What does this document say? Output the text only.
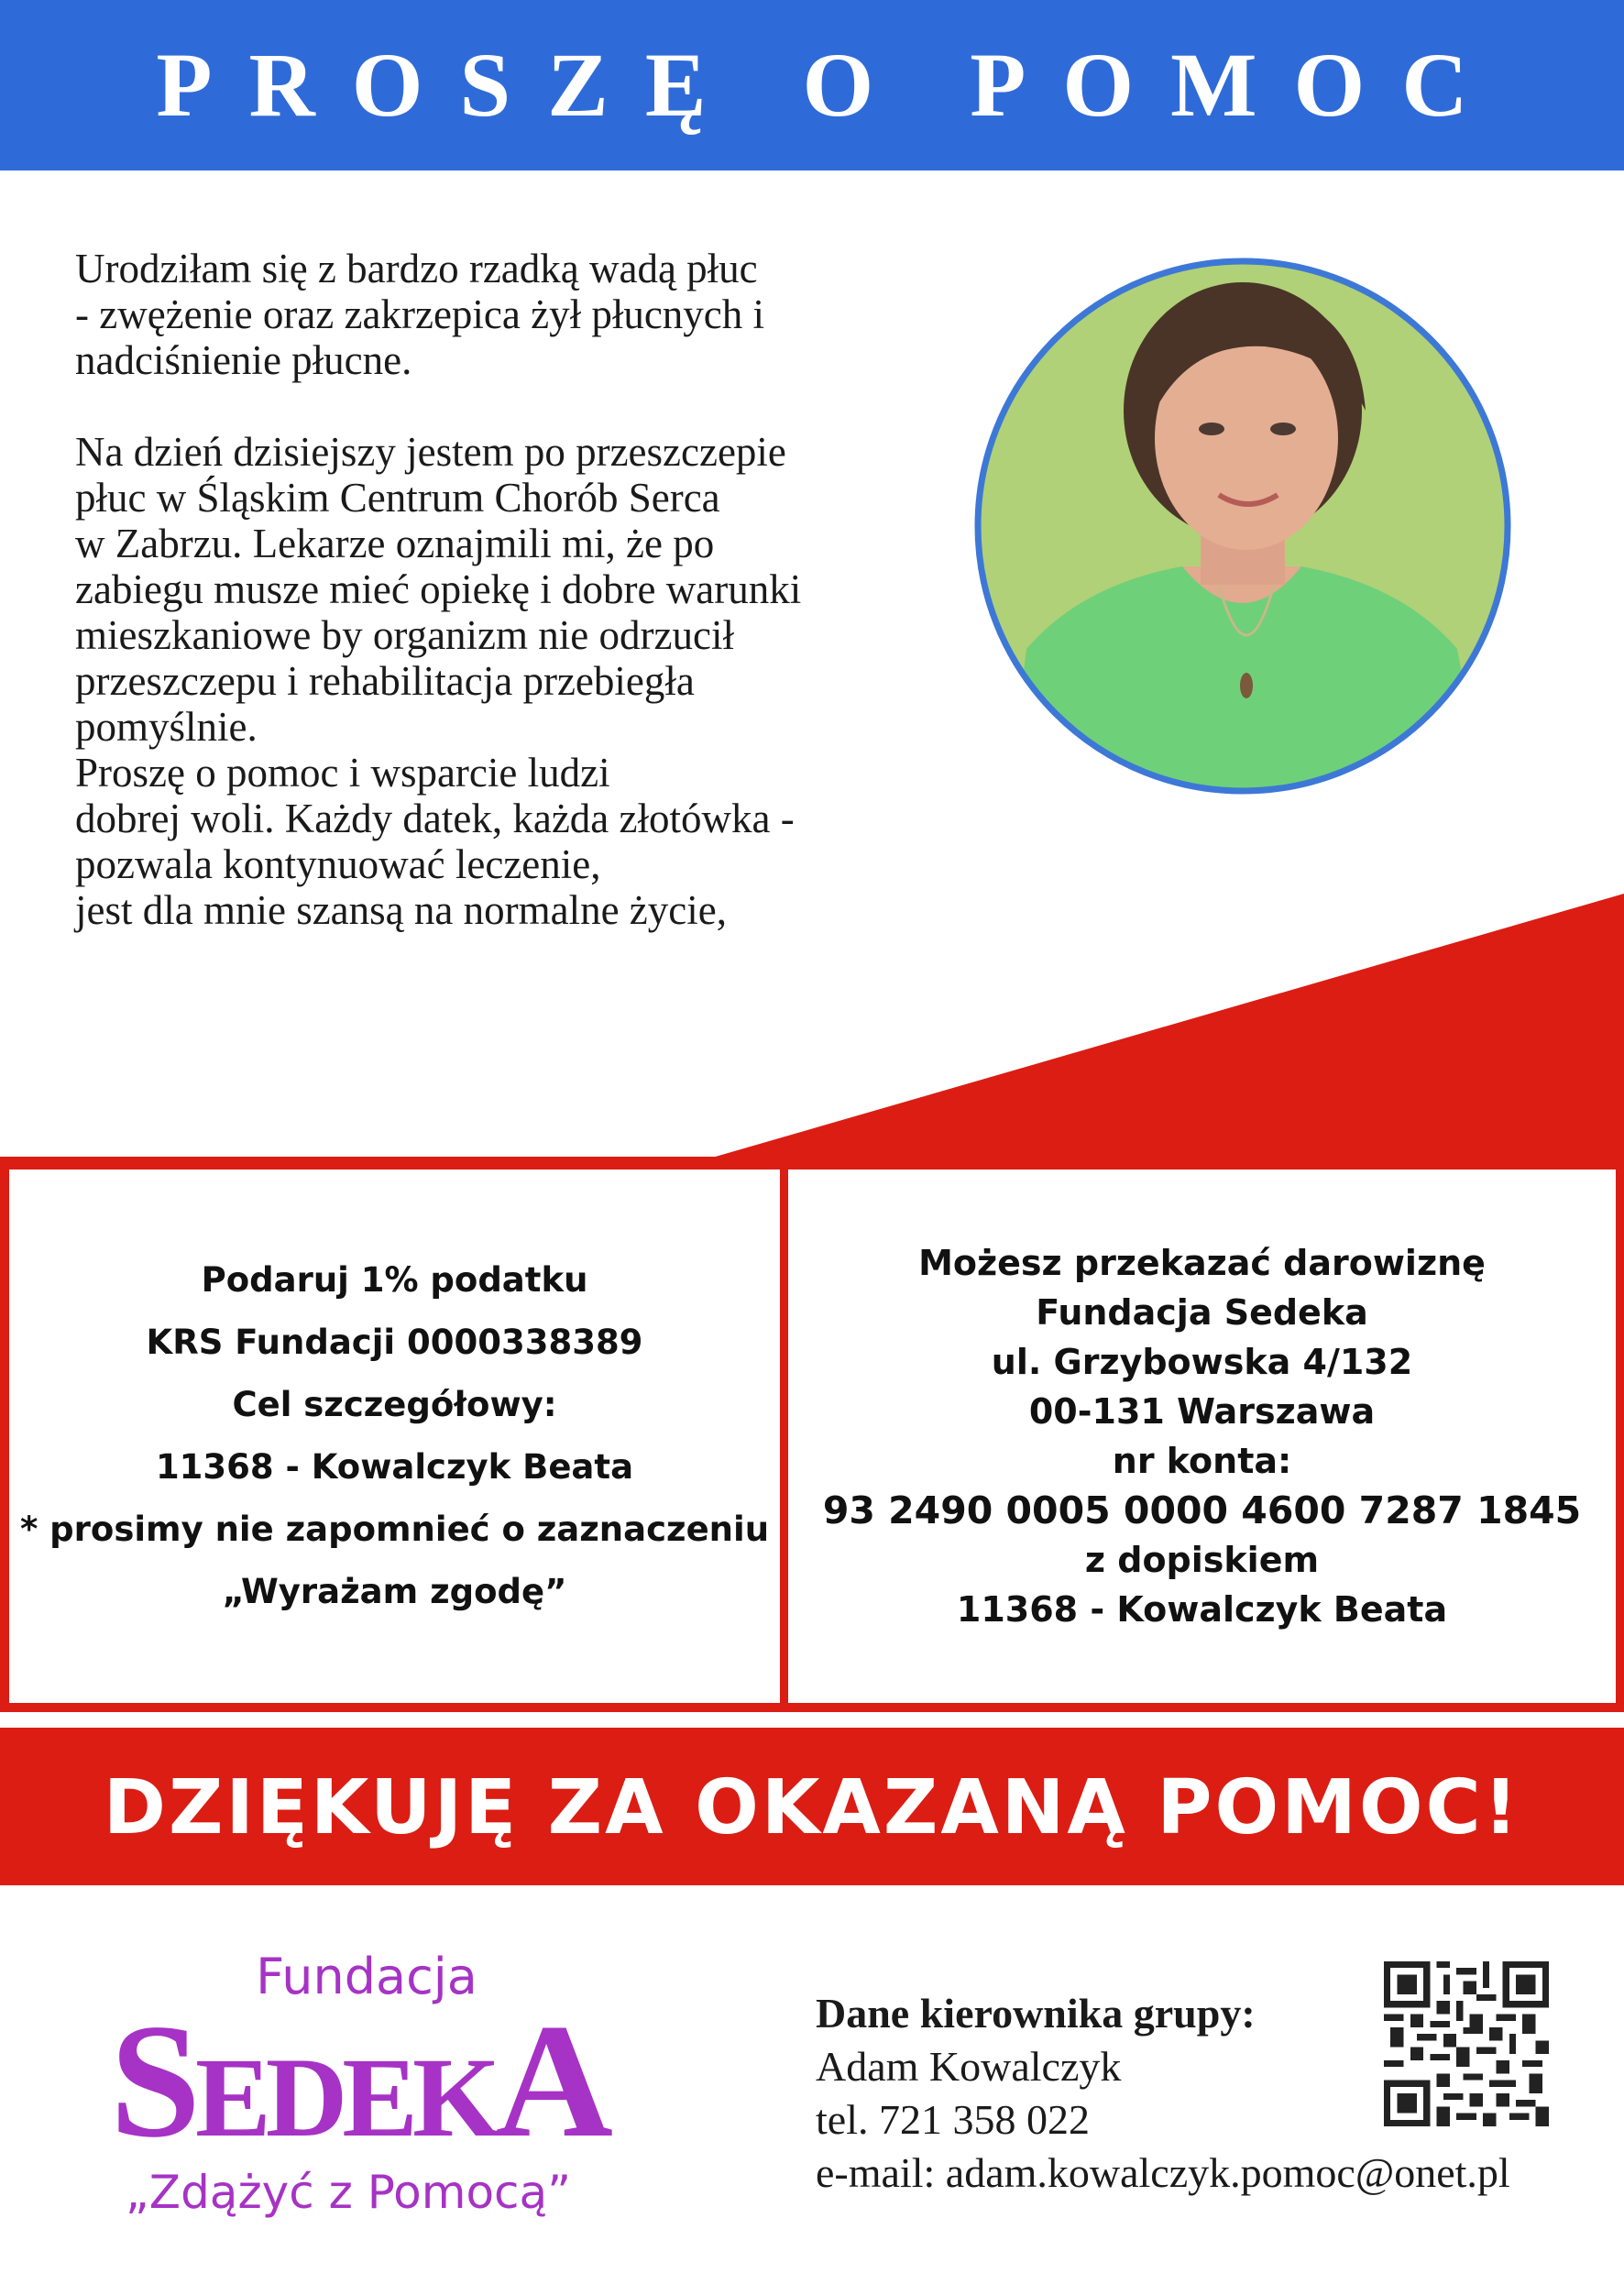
PROSZĘ O POMOC
Urodziłam się z bardzo rzadką wadą płuc
- zwężenie oraz zakrzepica żył płucnych i
nadciśnienie płucne.
Na dzień dzisiejszy jestem po przeszczepie
płuc w Śląskim Centrum Chorób Serca
w Zabrzu. Lekarze oznajmili mi, że po
zabiegu musze mieć opiekę i dobre warunki
mieszkaniowe by organizm nie odrzucił
przeszczepu i rehabilitacja przebiegła
pomyślnie.
Proszę o pomoc i wsparcie ludzi
dobrej woli. Każdy datek, każda złotówka -
pozwala kontynuować leczenie,
jest dla mnie szansą na normalne życie,
Podaruj 1% podatku
KRS Fundacji 0000338389
Cel szczegółowy:
11368 - Kowalczyk Beata
* prosimy nie zapomnieć o zaznaczeniu
„Wyrażam zgodę”
Możesz przekazać darowiznę
Fundacja Sedeka
ul. Grzybowska 4/132
00-131 Warszawa
nr konta:
93 2490 0005 0000 4600 7287 1845
z dopiskiem
11368 - Kowalczyk Beata
DZIĘKUJĘ ZA OKAZANĄ POMOC!
Fundacja
SEDEKA
„Zdążyć z Pomocą”
Dane kierownika grupy:
Adam Kowalczyk
tel. 721 358 022
e-mail: adam.kowalczyk.pomoc@onet.pl
